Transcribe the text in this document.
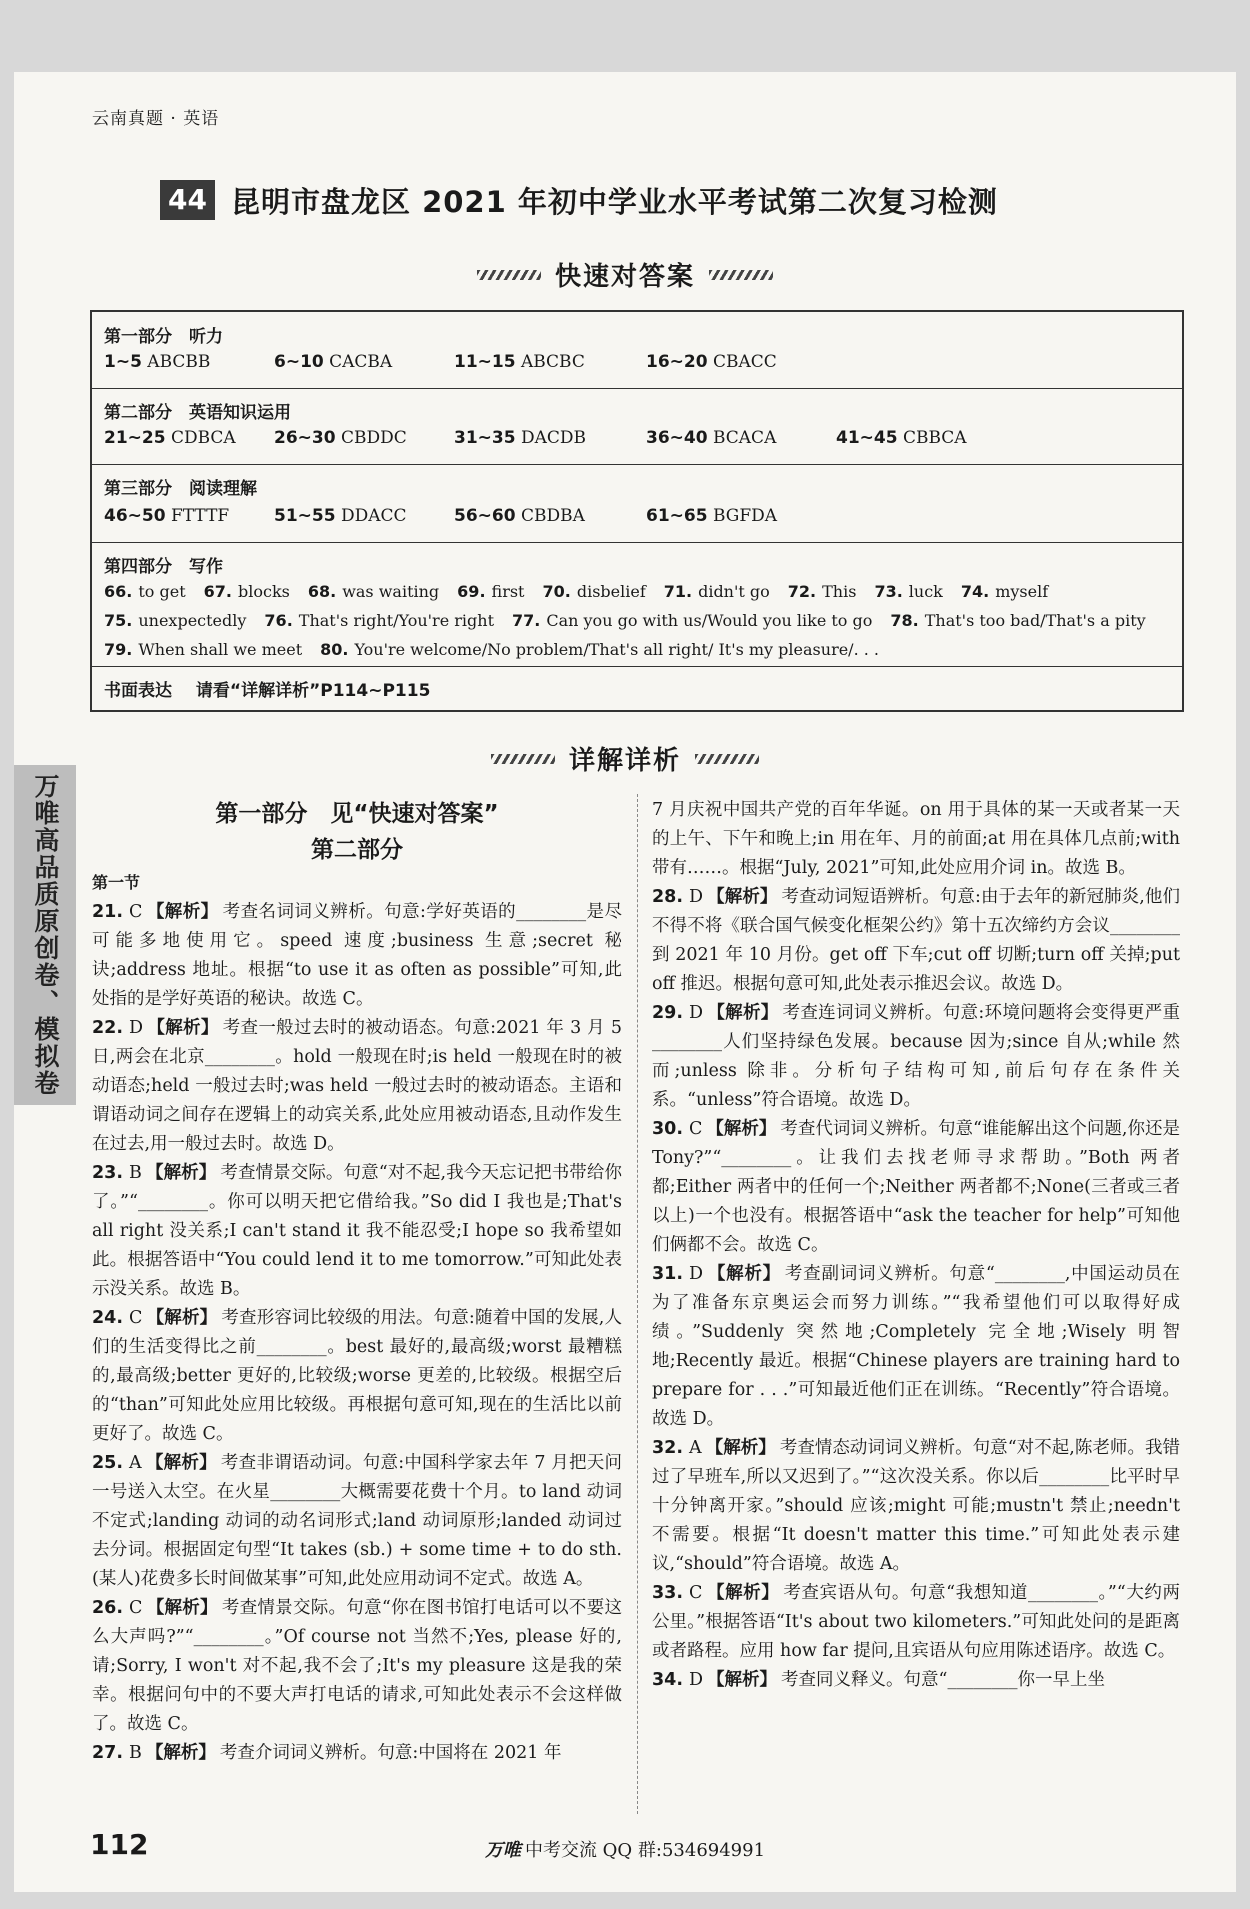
云南真题 · 英语
44 昆明市盘龙区 2021 年初中学业水平考试第二次复习检测
快速对答案
第一部分　听力
1~5 ABCBB	6~10 CACBA	11~15 ABCBC	16~20 CBACC
第二部分　英语知识运用
21~25 CDBCA 26~30 CBDDC	31~35 DACDB	36~40 BCACA	41~45 CBBCA
第三部分　阅读理解
46~50 FTTTF	51~55 DDACC	56~60 CBDBA	61~65 BGFDA
第四部分　写作
66. to get 67. blocks 68. was waiting 69. first 70. disbelief 71. didn't go 72. This 73. luck 74. myself
75. unexpectedly 76. That's right/You're right 77. Can you go with us/Would you like to go 78. That's too bad/That's a pity
79. When shall we meet 80. You're welcome/No problem/That's all right/ It's my pleasure/. . .
书面表达 请看“详解详析”P114~P115
详解详析
万唯高品质原创卷、模拟卷	第一部分　见“快速对答案”
第二部分
第一节

21. C 【解析】 考查名词词义辨析。句意:学好英语的________是尽可能多地使用它。speed 速度;business 生意;secret 秘诀;address 地址。根据“to use it as often as possible”可知,此处指的是学好英语的秘诀。故选 C。

22. D 【解析】 考查一般过去时的被动语态。句意:2021 年 3 月 5 日,两会在北京________。hold 一般现在时;is held 一般现在时的被动语态;held 一般过去时;was held 一般过去时的被动语态。主语和谓语动词之间存在逻辑上的动宾关系,此处应用被动语态,且动作发生在过去,用一般过去时。故选 D。

23. B 【解析】 考查情景交际。句意“对不起,我今天忘记把书带给你了。”“________。你可以明天把它借给我。”So did I 我也是;That's all right 没关系;I can't stand it 我不能忍受;I hope so 我希望如此。根据答语中“You could lend it to me tomorrow.”可知此处表示没关系。故选 B。

24. C 【解析】 考查形容词比较级的用法。句意:随着中国的发展,人们的生活变得比之前________。best 最好的,最高级;worst 最糟糕的,最高级;better 更好的,比较级;worse 更差的,比较级。根据空后的“than”可知此处应用比较级。再根据句意可知,现在的生活比以前更好了。故选 C。

25. A 【解析】 考查非谓语动词。句意:中国科学家去年 7 月把天问一号送入太空。在火星________大概需要花费十个月。to land 动词不定式;landing 动词的动名词形式;land 动词原形;landed 动词过去分词。根据固定句型“It takes (sb.) + some time + to do sth.(某人)花费多长时间做某事”可知,此处应用动词不定式。故选 A。

26. C 【解析】 考查情景交际。句意“你在图书馆打电话可以不要这么大声吗?”“________。”Of course not 当然不;Yes, please 好的,请;Sorry, I won't 对不起,我不会了;It's my pleasure 这是我的荣幸。根据问句中的不要大声打电话的请求,可知此处表示不会这样做了。故选 C。

27. B 【解析】 考查介词词义辨析。句意:中国将在 2021 年

7 月庆祝中国共产党的百年华诞。on 用于具体的某一天或者某一天的上午、下午和晚上;in 用在年、月的前面;at 用在具体几点前;with 带有……。根据“July, 2021”可知,此处应用介词 in。故选 B。

28. D 【解析】 考查动词短语辨析。句意:由于去年的新冠肺炎,他们不得不将《联合国气候变化框架公约》第十五次缔约方会议________到 2021 年 10 月份。get off 下车;cut off 切断;turn off 关掉;put off 推迟。根据句意可知,此处表示推迟会议。故选 D。

29. D 【解析】 考查连词词义辨析。句意:环境问题将会变得更严重________人们坚持绿色发展。because 因为;since 自从;while 然而;unless 除非。分析句子结构可知,前后句存在条件关系。“unless”符合语境。故选 D。

30. C 【解析】 考查代词词义辨析。句意“谁能解出这个问题,你还是 Tony?”“________。让我们去找老师寻求帮助。”Both 两者都;Either 两者中的任何一个;Neither 两者都不;None(三者或三者以上)一个也没有。根据答语中“ask the teacher for help”可知他们俩都不会。故选 C。

31. D 【解析】 考查副词词义辨析。句意“________,中国运动员在为了准备东京奥运会而努力训练。”“我希望他们可以取得好成绩。”Suddenly 突然地;Completely 完全地;Wisely 明智地;Recently 最近。根据“Chinese players are training hard to prepare for . . .”可知最近他们正在训练。“Recently”符合语境。故选 D。

32. A 【解析】 考查情态动词词义辨析。句意“对不起,陈老师。我错过了早班车,所以又迟到了。”“这次没关系。你以后________比平时早十分钟离开家。”should 应该;might 可能;mustn't 禁止;needn't 不需要。根据“It doesn't matter this time.”可知此处表示建议,“should”符合语境。故选 A。

33. C 【解析】 考查宾语从句。句意“我想知道________。”“大约两公里。”根据答语“It's about two kilometers.”可知此处问的是距离或者路程。应用 how far 提问,且宾语从句应用陈述语序。故选 C。

34. D 【解析】 考查同义释义。句意“________你一早上坐

112	万唯 中考交流 QQ 群:534694991
